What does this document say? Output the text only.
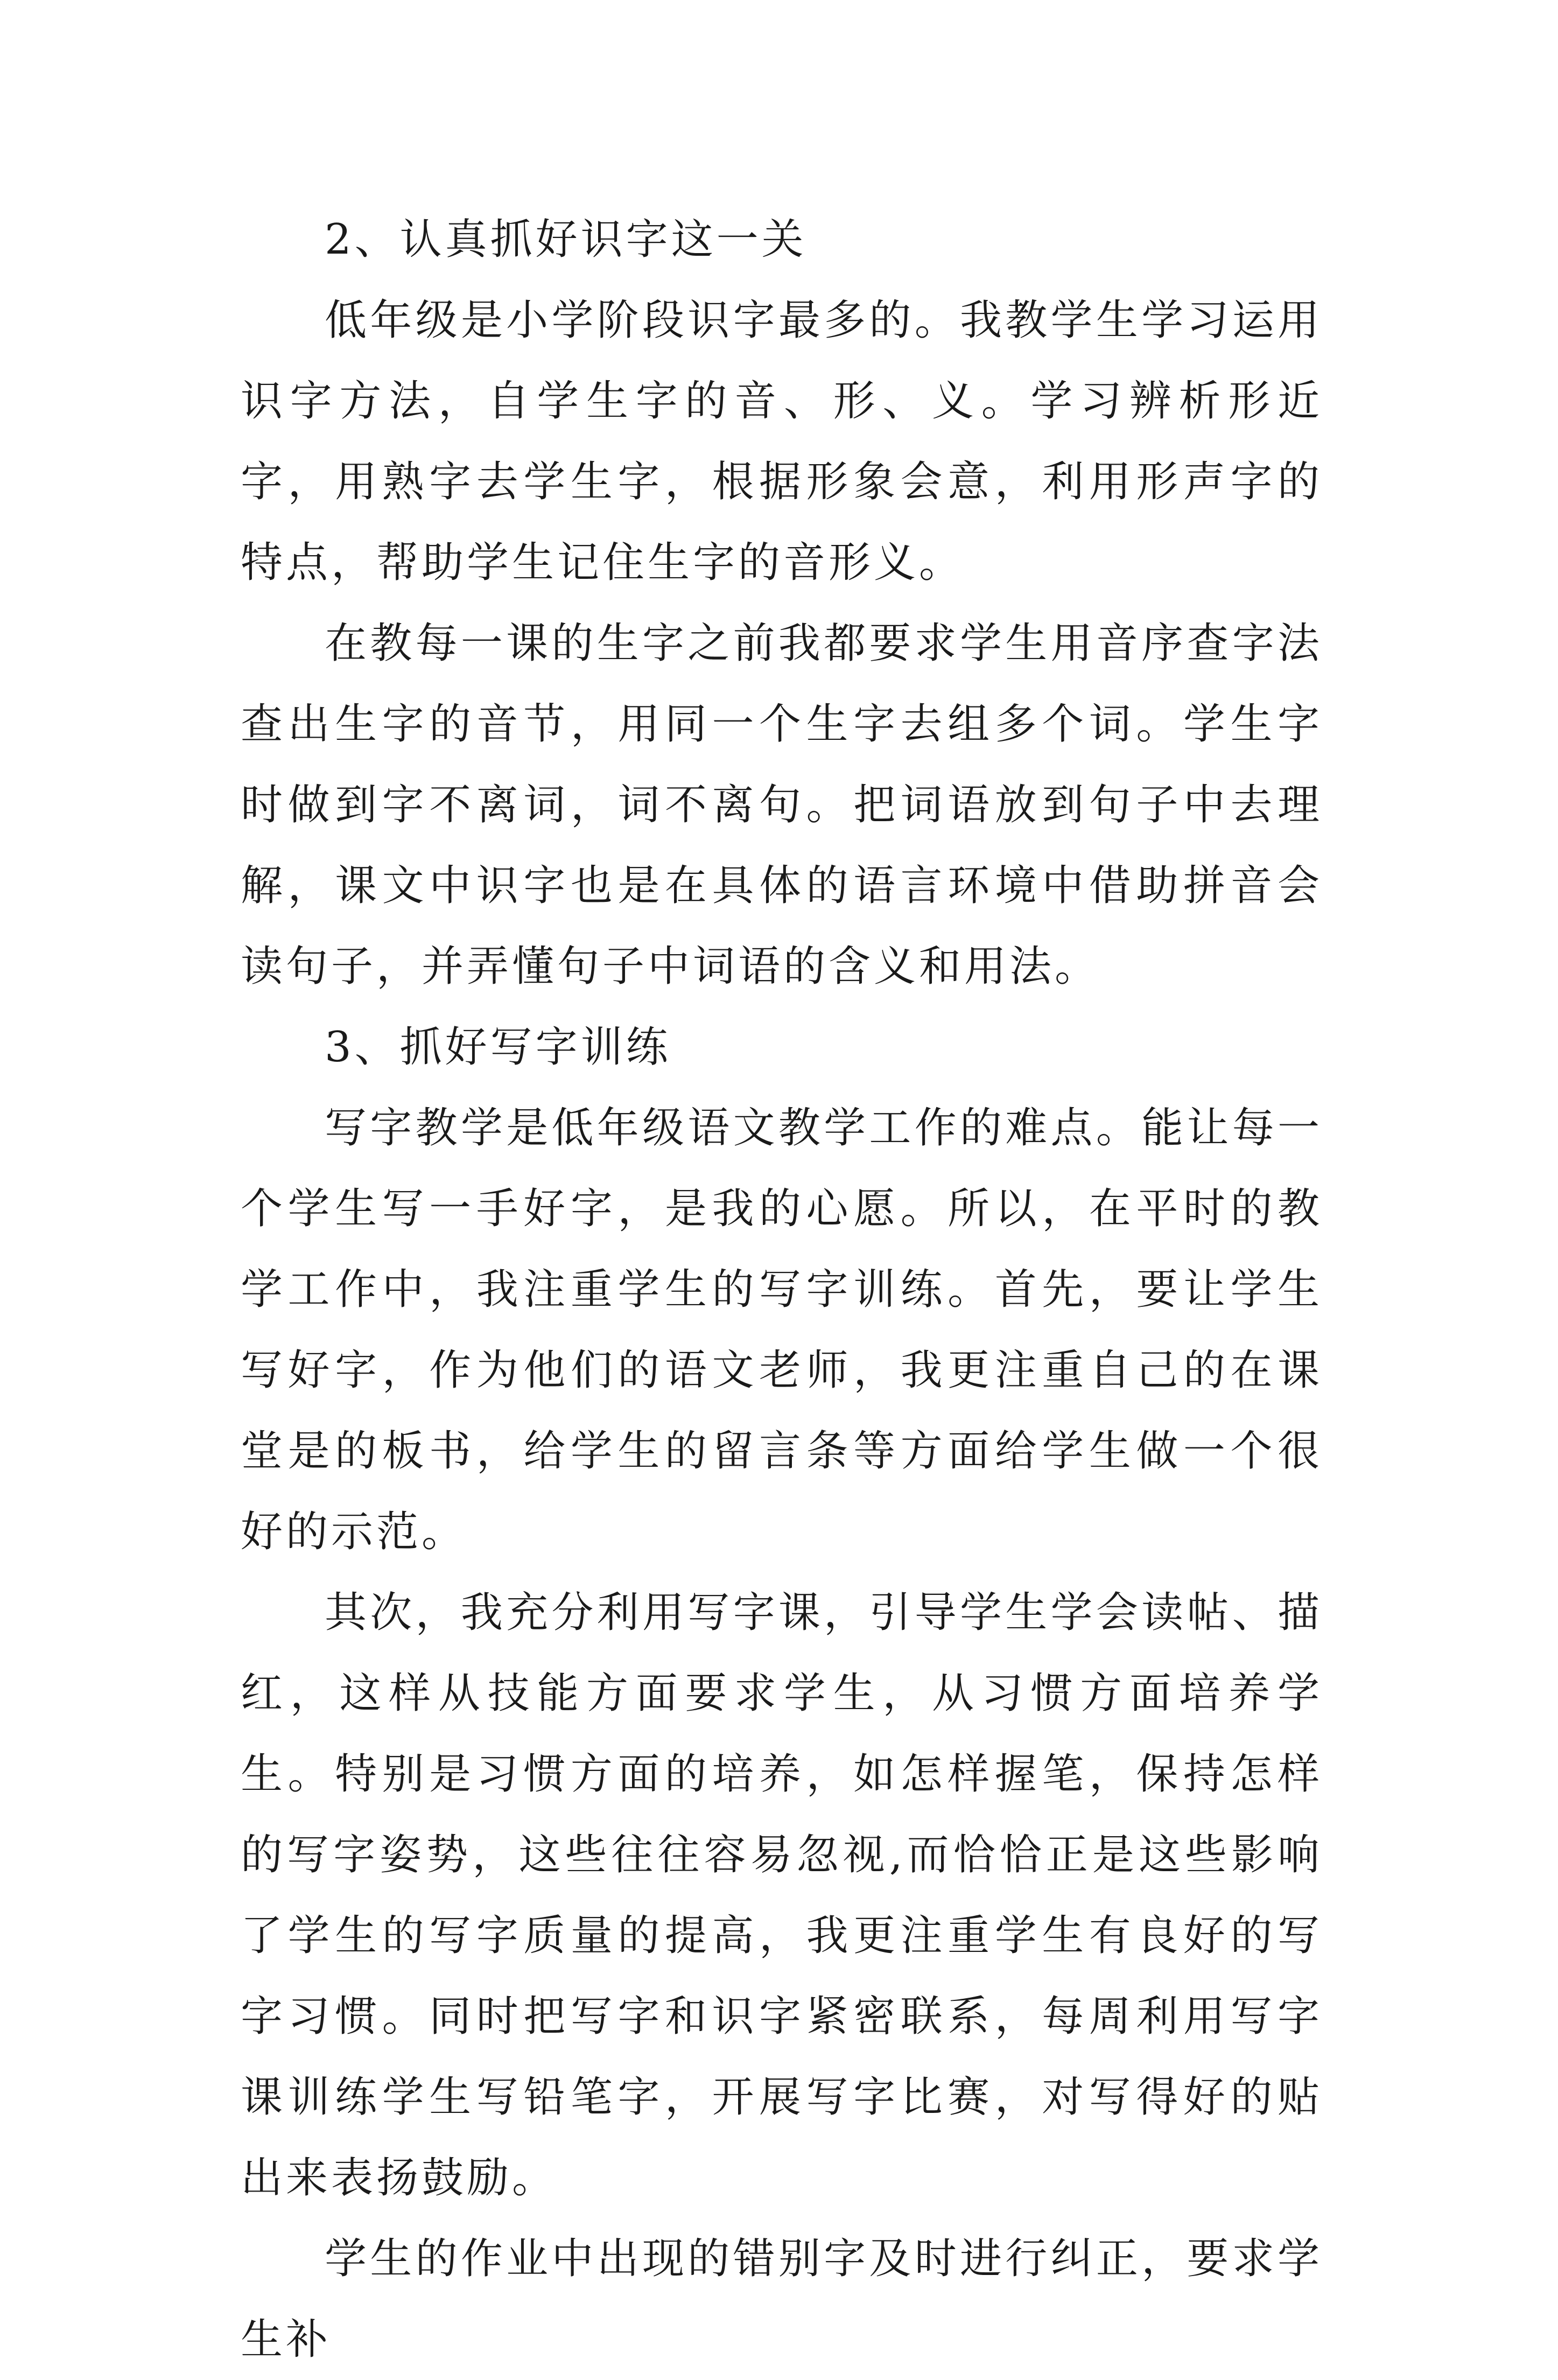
2、认真抓好识字这一关

低年级是小学阶段识字最多的。我教学生学习运用识字方法，自学生字的音、形、义。学习辨析形近字，用熟字去学生字，根据形象会意，利用形声字的特点，帮助学生记住生字的音形义。

在教每一课的生字之前我都要求学生用音序查字法查出生字的音节，用同一个生字去组多个词。学生字时做到字不离词，词不离句。把词语放到句子中去理解，课文中识字也是在具体的语言环境中借助拼音会读句子，并弄懂句子中词语的含义和用法。

3、抓好写字训练

写字教学是低年级语文教学工作的难点。能让每一个学生写一手好字，是我的心愿。所以，在平时的教学工作中，我注重学生的写字训练。首先，要让学生写好字，作为他们的语文老师，我更注重自己的在课堂是的板书，给学生的留言条等方面给学生做一个很好的示范。

其次，我充分利用写字课，引导学生学会读帖、描红，这样从技能方面要求学生，从习惯方面培养学生。特别是习惯方面的培养，如怎样握笔，保持怎样的写字姿势，这些往往容易忽视,而恰恰正是这些影响了学生的写字质量的提高，我更注重学生有良好的写字习惯。同时把写字和识字紧密联系，每周利用写字课训练学生写铅笔字，开展写字比赛，对写得好的贴出来表扬鼓励。

学生的作业中出现的错别字及时进行纠正，要求学生补
